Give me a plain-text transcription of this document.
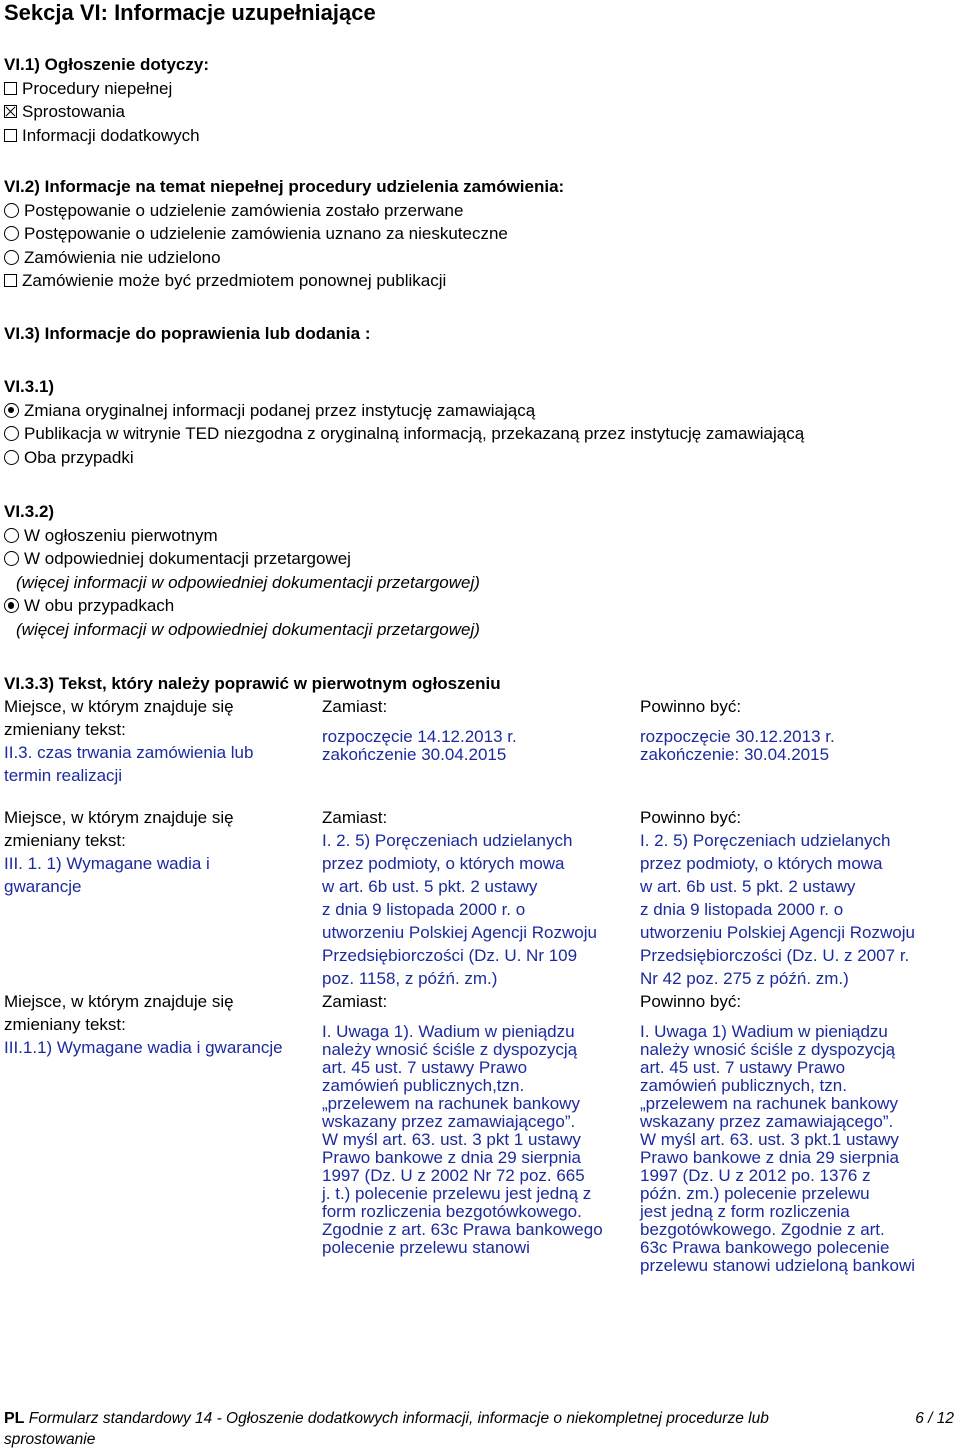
Sekcja VI: Informacje uzupełniające
VI.1) Ogłoszenie dotyczy:
Procedury niepełnej
Sprostowania
Informacji dodatkowych
VI.2) Informacje na temat niepełnej procedury udzielenia zamówienia:
Postępowanie o udzielenie zamówienia zostało przerwane
Postępowanie o udzielenie zamówienia uznano za nieskuteczne
Zamówienia nie udzielono
Zamówienie może być przedmiotem ponownej publikacji
VI.3) Informacje do poprawienia lub dodania :
VI.3.1)
Zmiana oryginalnej informacji podanej przez instytucję zamawiającą
Publikacja w witrynie TED niezgodna z oryginalną informacją, przekazaną przez instytucję zamawiającą
Oba przypadki
VI.3.2)
W ogłoszeniu pierwotnym
W odpowiedniej dokumentacji przetargowej
(więcej informacji w odpowiedniej dokumentacji przetargowej)
W obu przypadkach
(więcej informacji w odpowiedniej dokumentacji przetargowej)
VI.3.3) Tekst, który należy poprawić w pierwotnym ogłoszeniu
Miejsce, w którym znajduje się
zmieniany tekst:
II.3. czas trwania zamówienia lub
termin realizacji
Zamiast:
rozpoczęcie 14.12.2013 r.
zakończenie 30.04.2015
Powinno być:
rozpoczęcie 30.12.2013 r.
zakończenie: 30.04.2015
Miejsce, w którym znajduje się
zmieniany tekst:
III. 1. 1) Wymagane wadia i
gwarancje
Zamiast:
I. 2. 5) Poręczeniach udzielanych
przez podmioty, o których mowa
w art. 6b ust. 5 pkt. 2 ustawy
z dnia 9 listopada 2000 r. o
utworzeniu Polskiej Agencji Rozwoju
Przedsiębiorczości (Dz. U. Nr 109
poz. 1158, z późń. zm.)
Powinno być:
I. 2. 5) Poręczeniach udzielanych
przez podmioty, o których mowa
w art. 6b ust. 5 pkt. 2 ustawy
z dnia 9 listopada 2000 r. o
utworzeniu Polskiej Agencji Rozwoju
Przedsiębiorczości (Dz. U. z 2007 r.
Nr 42 poz. 275 z późń. zm.)
Miejsce, w którym znajduje się
zmieniany tekst:
III.1.1) Wymagane wadia i gwarancje
Zamiast:
I. Uwaga 1). Wadium w pieniądzu
należy wnosić ściśle z dyspozycją
art. 45 ust. 7 ustawy Prawo
zamówień publicznych,tzn.
„przelewem na rachunek bankowy
wskazany przez zamawiającego”.
W myśl art. 63. ust. 3 pkt 1 ustawy
Prawo bankowe z dnia 29 sierpnia
1997 (Dz. U z 2002 Nr 72 poz. 665
j. t.) polecenie przelewu jest jedną z
form rozliczenia bezgotówkowego.
Zgodnie z art. 63c Prawa bankowego
polecenie przelewu stanowi
Powinno być:
I. Uwaga 1) Wadium w pieniądzu
należy wnosić ściśle z dyspozycją
art. 45 ust. 7 ustawy Prawo
zamówień publicznych, tzn.
„przelewem na rachunek bankowy
wskazany przez zamawiającego”.
W myśl art. 63. ust. 3 pkt.1 ustawy
Prawo bankowe z dnia 29 sierpnia
1997 (Dz. U z 2012 po. 1376 z
późn. zm.) polecenie przelewu
jest jedną z form rozliczenia
bezgotówkowego. Zgodnie z art.
63c Prawa bankowego polecenie
przelewu stanowi udzieloną bankowi
PL Formularz standardowy 14 - Ogłoszenie dodatkowych informacji, informacje o niekompletnej procedurze lub
sprostowanie
6 / 12
